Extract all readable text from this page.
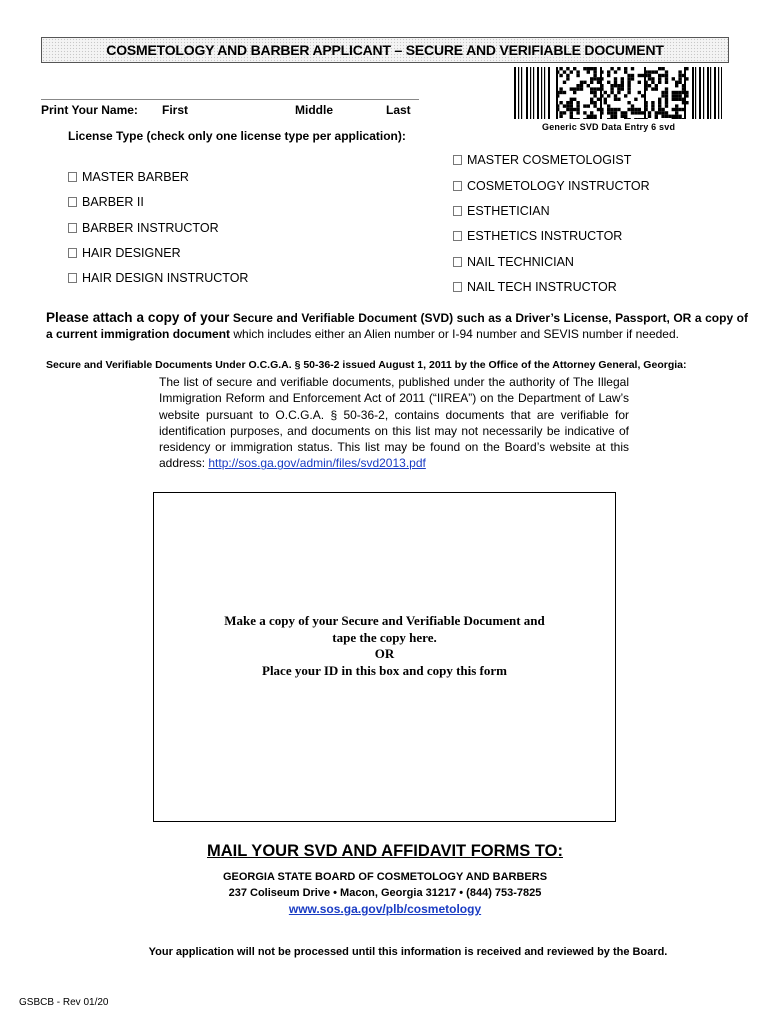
COSMETOLOGY AND BARBER APPLICANT – SECURE AND VERIFIABLE DOCUMENT
Print Your Name: First	Middle	Last
Generic SVD Data Entry 6 svd
License Type (check only one license type per application):
MASTER BARBER
BARBER II
BARBER INSTRUCTOR
HAIR DESIGNER
HAIR DESIGN INSTRUCTOR
MASTER COSMETOLOGIST
COSMETOLOGY INSTRUCTOR
ESTHETICIAN
ESTHETICS INSTRUCTOR
NAIL TECHNICIAN
NAIL TECH INSTRUCTOR
Please attach a copy of your Secure and Verifiable Document (SVD) such as a Driver’s License, Passport, OR a copy of a current immigration document which includes either an Alien number or I-94 number and SEVIS number if needed.
Secure and Verifiable Documents Under O.C.G.A. § 50-36-2 issued August 1, 2011 by the Office of the Attorney General, Georgia:
The list of secure and verifiable documents, published under the authority of The Illegal Immigration Reform and Enforcement Act of 2011 (“IIREA”) on the Department of Law’s website pursuant to O.C.G.A. § 50-36-2, contains documents that are verifiable for identification purposes, and documents on this list may not necessarily be indicative of residency or immigration status. This list may be found on the Board’s website at this address: http://sos.ga.gov/admin/files/svd2013.pdf
Make a copy of your Secure and Verifiable Document and
tape the copy here.
OR
Place your ID in this box and copy this form
MAIL YOUR SVD AND AFFIDAVIT FORMS TO:
GEORGIA STATE BOARD OF COSMETOLOGY AND BARBERS
237 Coliseum Drive • Macon, Georgia 31217 • (844) 753-7825
www.sos.ga.gov/plb/cosmetology
Your application will not be processed until this information is received and reviewed by the Board.
GSBCB - Rev 01/20
